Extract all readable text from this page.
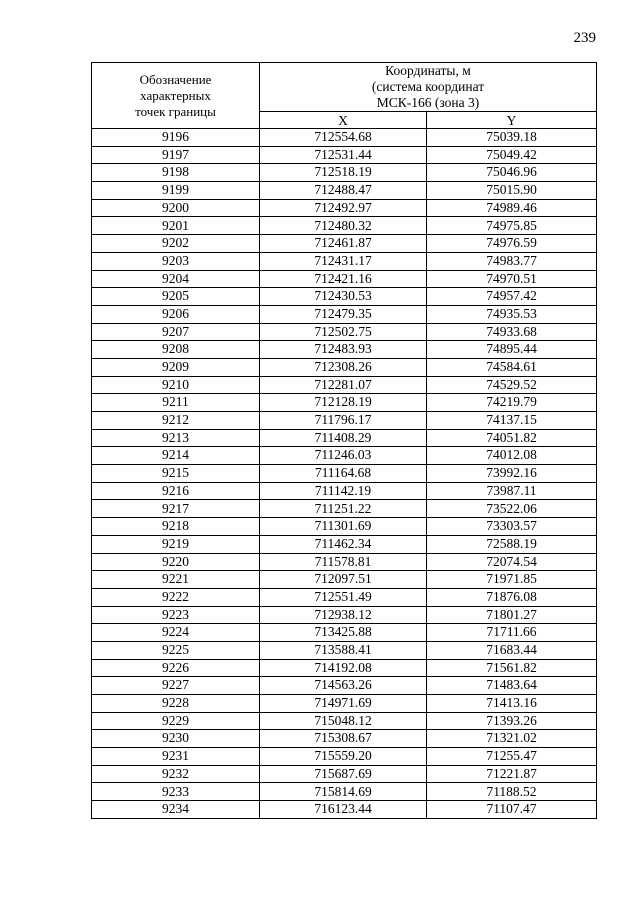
239
Обозначение
характерных
точек границы	Координаты, м
(система координат
МСК-166 (зона 3)	

	X	Y
9196	712554.68	75039.18
9197	712531.44	75049.42
9198	712518.19	75046.96
9199	712488.47	75015.90
9200	712492.97	74989.46
9201	712480.32	74975.85
9202	712461.87	74976.59
9203	712431.17	74983.77
9204	712421.16	74970.51
9205	712430.53	74957.42
9206	712479.35	74935.53
9207	712502.75	74933.68
9208	712483.93	74895.44
9209	712308.26	74584.61
9210	712281.07	74529.52
9211	712128.19	74219.79
9212	711796.17	74137.15
9213	711408.29	74051.82
9214	711246.03	74012.08
9215	711164.68	73992.16
9216	711142.19	73987.11
9217	711251.22	73522.06
9218	711301.69	73303.57
9219	711462.34	72588.19
9220	711578.81	72074.54
9221	712097.51	71971.85
9222	712551.49	71876.08
9223	712938.12	71801.27
9224	713425.88	71711.66
9225	713588.41	71683.44
9226	714192.08	71561.82
9227	714563.26	71483.64
9228	714971.69	71413.16
9229	715048.12	71393.26
9230	715308.67	71321.02
9231	715559.20	71255.47
9232	715687.69	71221.87
9233	715814.69	71188.52
9234	716123.44	71107.47
